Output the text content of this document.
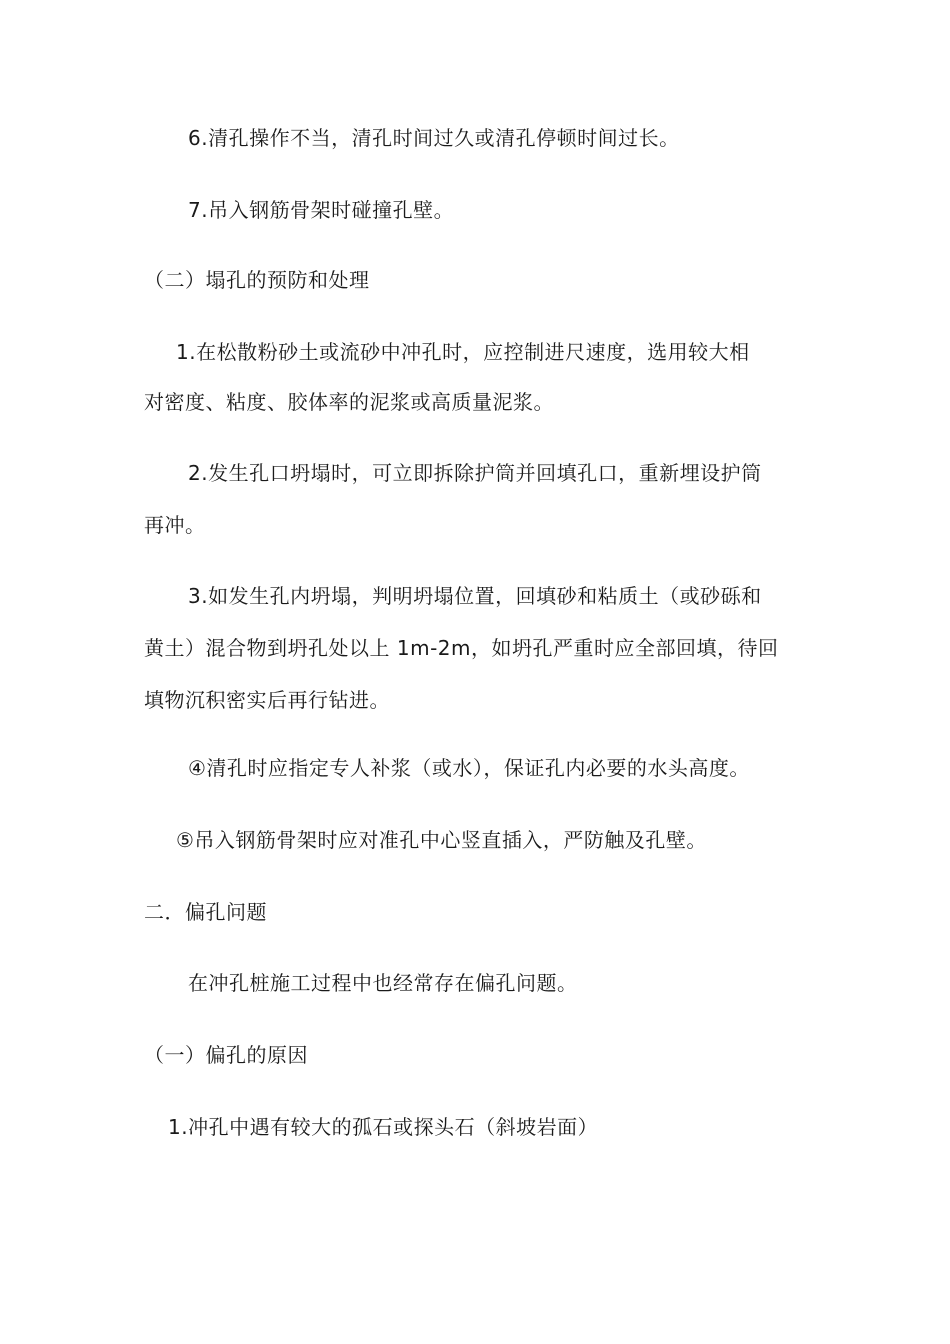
6.清孔操作不当，清孔时间过久或清孔停顿时间过长。
7.吊入钢筋骨架时碰撞孔壁。
（二）塌孔的预防和处理
1.在松散粉砂土或流砂中冲孔时，应控制进尺速度，选用较大相
对密度、粘度、胶体率的泥浆或高质量泥浆。
2.发生孔口坍塌时，可立即拆除护筒并回填孔口，重新埋设护筒
再冲。
3.如发生孔内坍塌，判明坍塌位置，回填砂和粘质土（或砂砾和
黄土）混合物到坍孔处以上 1m-2m，如坍孔严重时应全部回填，待回
填物沉积密实后再行钻进。
④清孔时应指定专人补浆（或水），保证孔内必要的水头高度。
⑤吊入钢筋骨架时应对准孔中心竖直插入，严防触及孔壁。
二．偏孔问题
在冲孔桩施工过程中也经常存在偏孔问题。
（一）偏孔的原因
1.冲孔中遇有较大的孤石或探头石（斜坡岩面）
